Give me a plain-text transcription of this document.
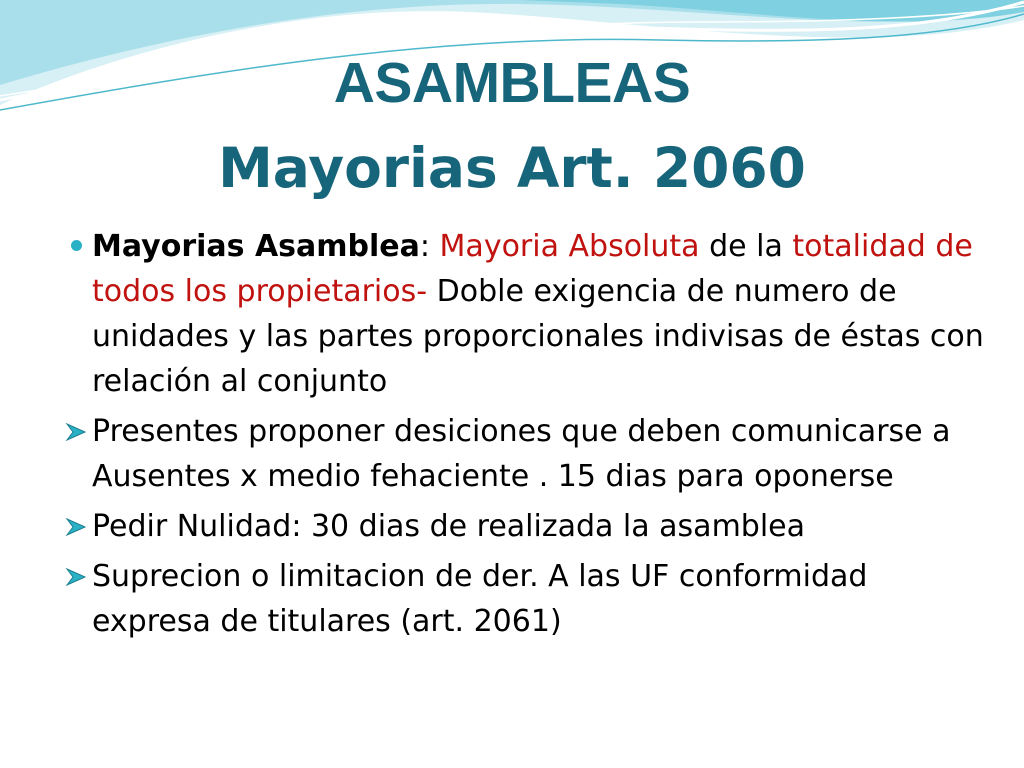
ASAMBLEAS
Mayorias Art. 2060
Mayorias Asamblea: Mayoria Absoluta de la totalidad de todos los propietarios- Doble exigencia de numero de unidades y las partes proporcionales indivisas de éstas con relación al conjunto
Presentes proponer desiciones que deben comunicarse a Ausentes x medio fehaciente . 15 dias para oponerse
Pedir Nulidad: 30 dias de realizada la asamblea
Suprecion o limitacion de der. A las UF conformidad expresa de titulares (art. 2061)
